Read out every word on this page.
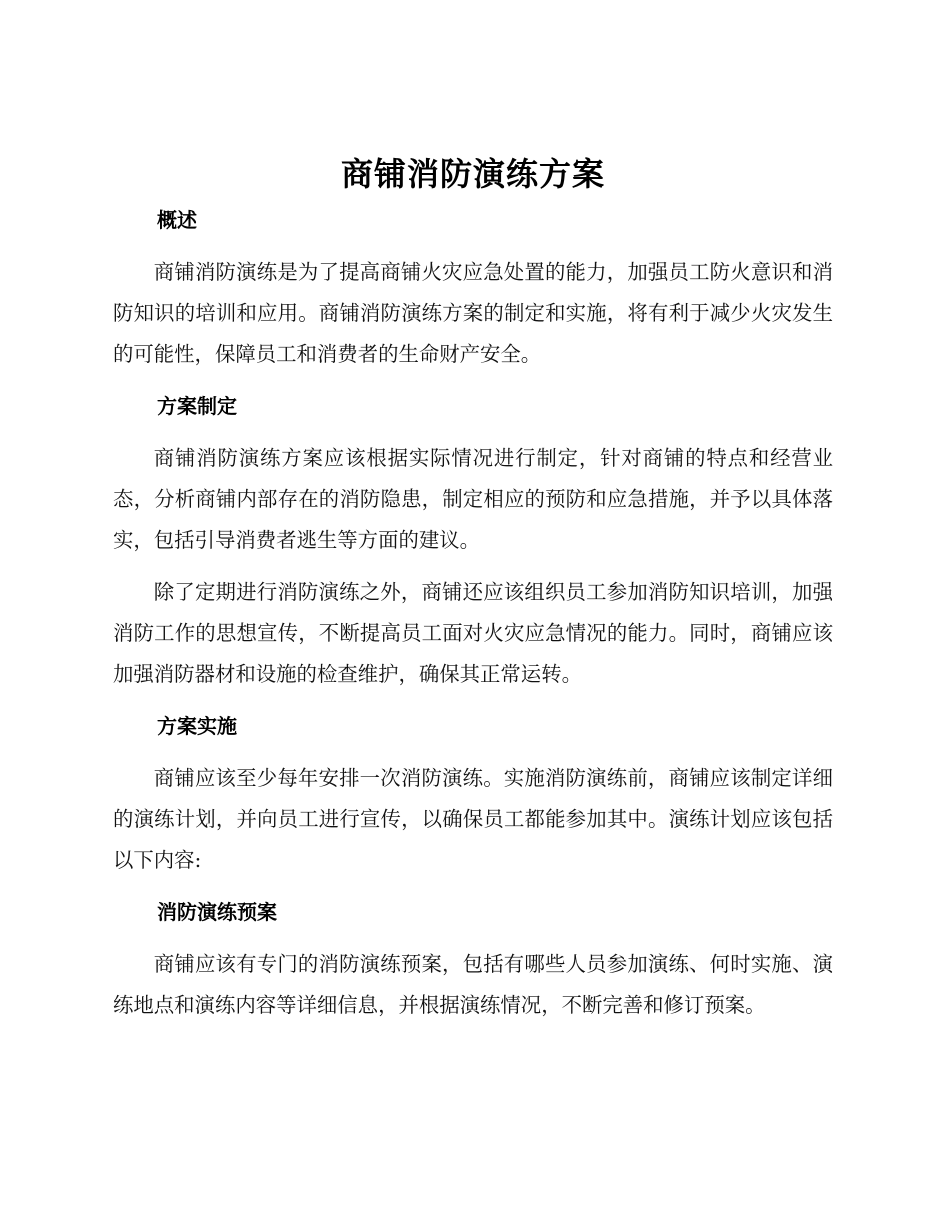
商铺消防演练方案
概述

商铺消防演练是为了提高商铺火灾应急处置的能力，加强员工防火意识和消防知识的培训和应用。商铺消防演练方案的制定和实施，将有利于减少火灾发生的可能性，保障员工和消费者的生命财产安全。

方案制定

商铺消防演练方案应该根据实际情况进行制定，针对商铺的特点和经营业态，分析商铺内部存在的消防隐患，制定相应的预防和应急措施，并予以具体落实，包括引导消费者逃生等方面的建议。

除了定期进行消防演练之外，商铺还应该组织员工参加消防知识培训，加强消防工作的思想宣传，不断提高员工面对火灾应急情况的能力。同时，商铺应该加强消防器材和设施的检查维护，确保其正常运转。

方案实施

商铺应该至少每年安排一次消防演练。实施消防演练前，商铺应该制定详细的演练计划，并向员工进行宣传，以确保员工都能参加其中。演练计划应该包括以下内容:

消防演练预案

商铺应该有专门的消防演练预案，包括有哪些人员参加演练、何时实施、演练地点和演练内容等详细信息，并根据演练情况，不断完善和修订预案。
